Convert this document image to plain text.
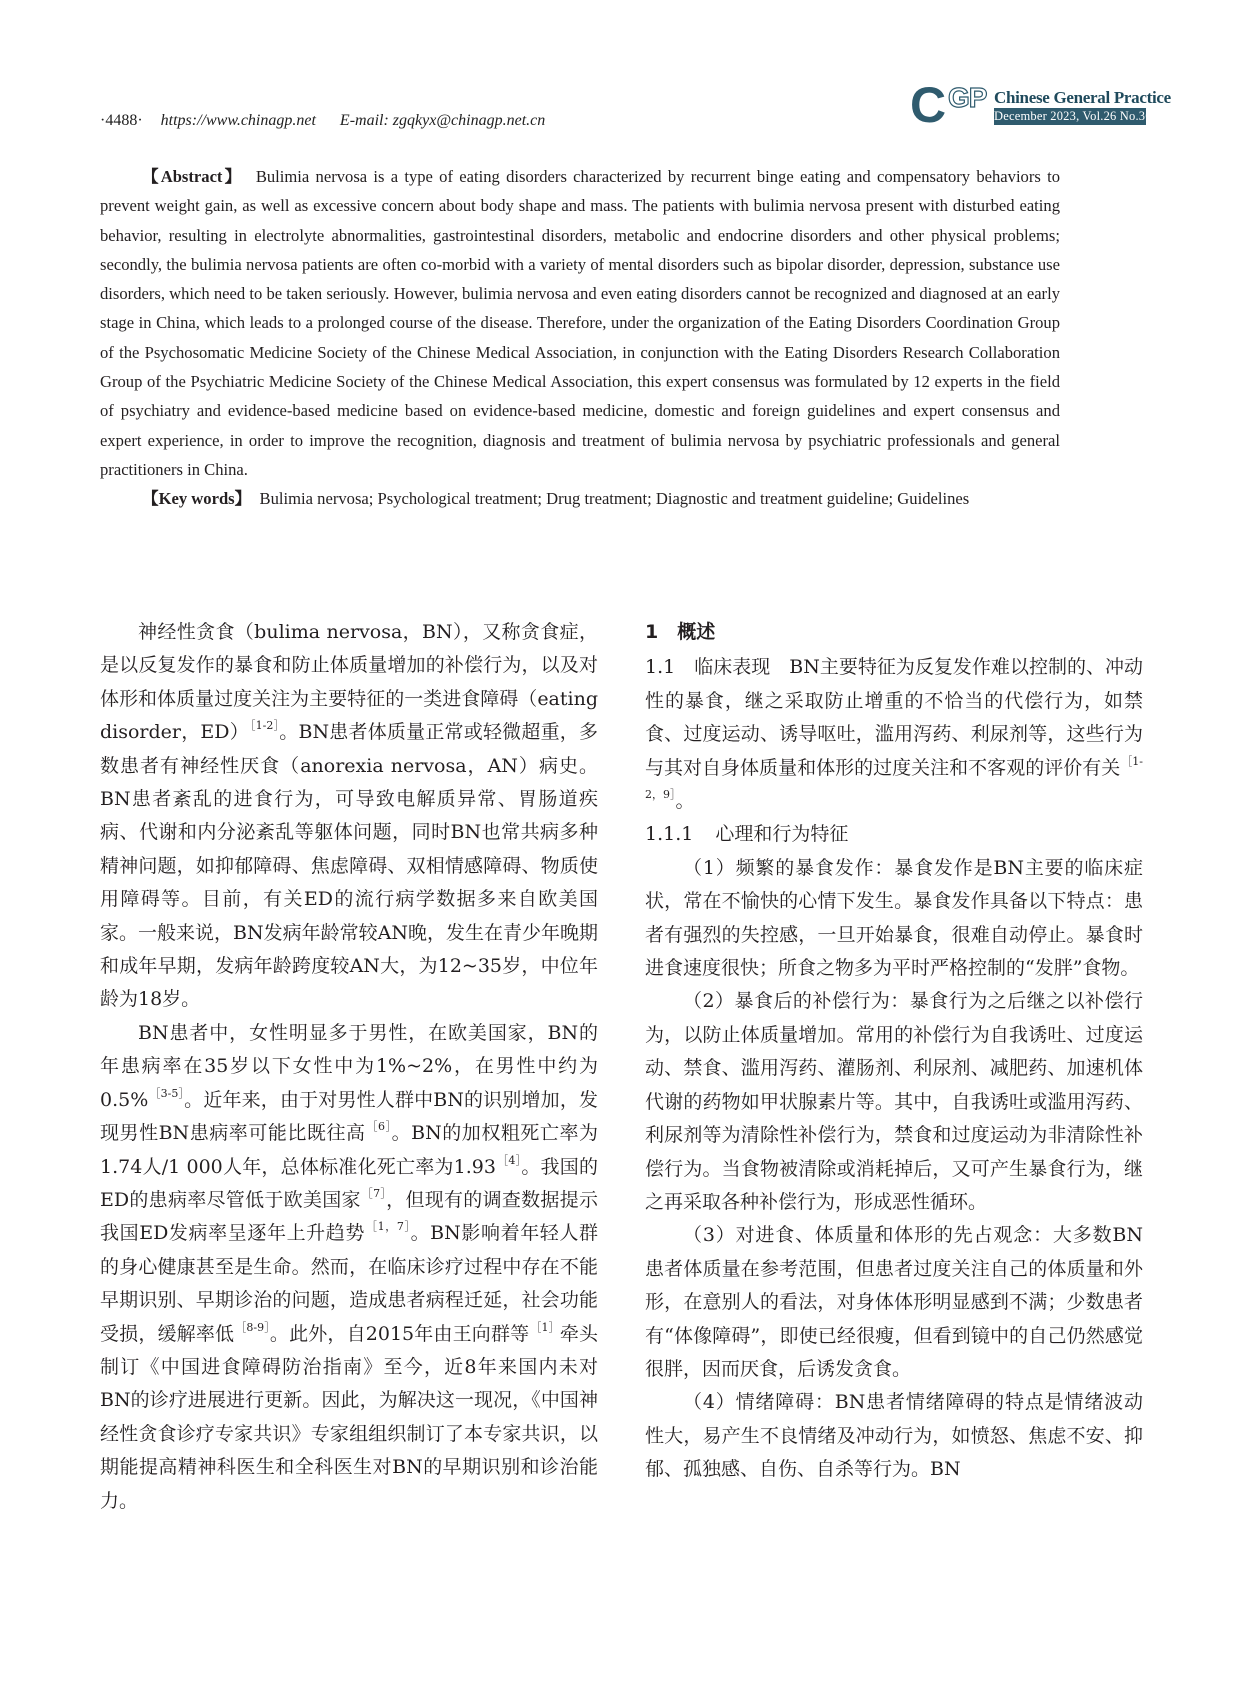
·4488· https://www.chinagp.net E-mail: zgqkyx@chinagp.net.cn	C GP Chinese General Practice
December 2023, Vol.26 No.36

【Abstract】 Bulimia nervosa is a type of eating disorders characterized by recurrent binge eating and compensatory behaviors to prevent weight gain, as well as excessive concern about body shape and mass. The patients with bulimia nervosa present with disturbed eating behavior, resulting in electrolyte abnormalities, gastrointestinal disorders, metabolic and endocrine disorders and other physical problems; secondly, the bulimia nervosa patients are often co-morbid with a variety of mental disorders such as bipolar disorder, depression, substance use disorders, which need to be taken seriously. However, bulimia nervosa and even eating disorders cannot be recognized and diagnosed at an early stage in China, which leads to a prolonged course of the disease. Therefore, under the organization of the Eating Disorders Coordination Group of the Psychosomatic Medicine Society of the Chinese Medical Association, in conjunction with the Eating Disorders Research Collaboration Group of the Psychiatric Medicine Society of the Chinese Medical Association, this expert consensus was formulated by 12 experts in the field of psychiatry and evidence-based medicine based on evidence-based medicine, domestic and foreign guidelines and expert consensus and expert experience, in order to improve the recognition, diagnosis and treatment of bulimia nervosa by psychiatric professionals and general practitioners in China.

【Key words】 Bulimia nervosa; Psychological treatment; Drug treatment; Diagnostic and treatment guideline; Guidelines

神经性贪食（bulima nervosa，BN），又称贪食症，是以反复发作的暴食和防止体质量增加的补偿行为，以及对体形和体质量过度关注为主要特征的一类进食障碍（eating disorder，ED）$^{[1-2]}$。BN患者体质量正常或轻微超重，多数患者有神经性厌食（anorexia nervosa，AN）病史。BN患者紊乱的进食行为，可导致电解质异常、胃肠道疾病、代谢和内分泌紊乱等躯体问题，同时BN也常共病多种精神问题，如抑郁障碍、焦虑障碍、双相情感障碍、物质使用障碍等。目前，有关ED的流行病学数据多来自欧美国家。一般来说，BN发病年龄常较AN晚，发生在青少年晚期和成年早期，发病年龄跨度较AN大，为12~35岁，中位年龄为18岁。

BN患者中，女性明显多于男性，在欧美国家，BN的年患病率在35岁以下女性中为1%~2%，在男性中约为0.5%$^{[3-5]}$。近年来，由于对男性人群中BN的识别增加，发现男性BN患病率可能比既往高$^{[6]}$。BN的加权粗死亡率为1.74人/1 000人年，总体标准化死亡率为$1.93^{[4]}$。我国的ED的患病率尽管低于欧美国家$^{[7]}$，但现有的调查数据提示我国ED发病率呈逐年上升趋势$^{[1,7]}$。BN影响着年轻人群的身心健康甚至是生命。然而，在临床诊疗过程中存在不能早期识别、早期诊治的问题，造成患者病程迁延，社会功能受损，缓解率低$^{[8-9]}$。此外，自2015年由王向群等$^{[1]}$牵头制订《中国进食障碍防治指南》至今，近8年来国内未对BN的诊疗进展进行更新。因此，为解决这一现况，《中国神经性贪食诊疗专家共识》专家组组织制订了本专家共识，以期能提高精神科医生和全科医生对BN的早期识别和诊治能力。

1　概述

1.1　临床表现　BN主要特征为反复发作难以控制的、冲动性的暴食，继之采取防止增重的不恰当的代偿行为，如禁食、过度运动、诱导呕吐，滥用泻药、利尿剂等，这些行为与其对自身体质量和体形的过度关注和不客观的评价有关$^{[1-2,9]}$。

1.1.1 心理和行为特征

（1）频繁的暴食发作：暴食发作是BN主要的临床症状，常在不愉快的心情下发生。暴食发作具备以下特点：患者有强烈的失控感，一旦开始暴食，很难自动停止。暴食时进食速度很快；所食之物多为平时严格控制的“发胖”食物。

（2）暴食后的补偿行为：暴食行为之后继之以补偿行为，以防止体质量增加。常用的补偿行为自我诱吐、过度运动、禁食、滥用泻药、灌肠剂、利尿剂、减肥药、加速机体代谢的药物如甲状腺素片等。其中，自我诱吐或滥用泻药、利尿剂等为清除性补偿行为，禁食和过度运动为非清除性补偿行为。当食物被清除或消耗掉后，又可产生暴食行为，继之再采取各种补偿行为，形成恶性循环。

（3）对进食、体质量和体形的先占观念：大多数BN患者体质量在参考范围，但患者过度关注自己的体质量和外形，在意别人的看法，对身体体形明显感到不满；少数患者有“体像障碍”，即使已经很瘦，但看到镜中的自己仍然感觉很胖，因而厌食，后诱发贪食。

（4）情绪障碍：BN患者情绪障碍的特点是情绪波动性大，易产生不良情绪及冲动行为，如愤怒、焦虑不安、抑郁、孤独感、自伤、自杀等行为。BN
